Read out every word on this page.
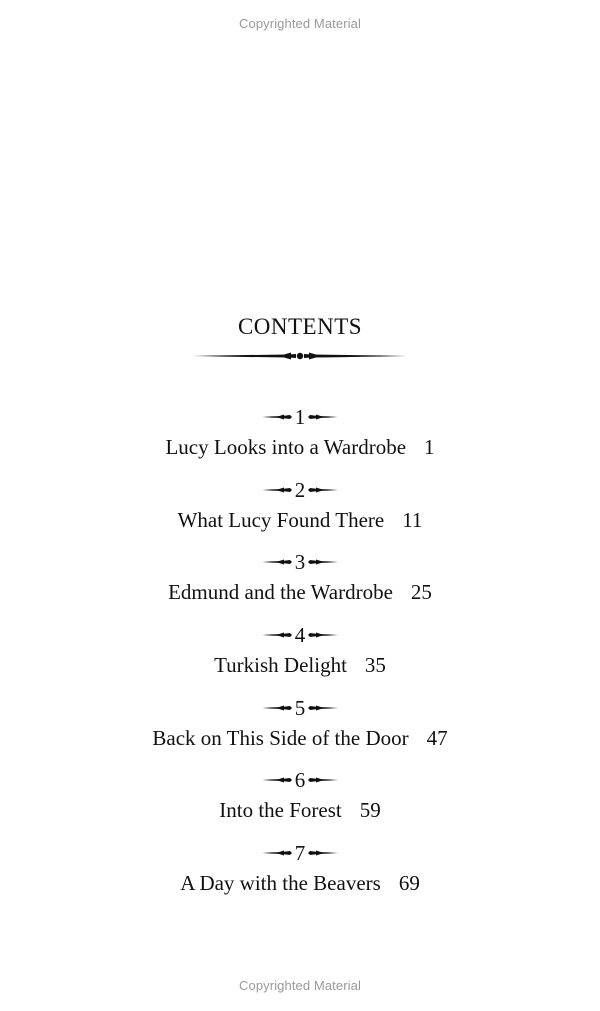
Copyrighted Material
CONTENTS
1
Lucy Looks into a Wardrobe 1
2
What Lucy Found There 11
3
Edmund and the Wardrobe 25
4
Turkish Delight 35
5
Back on This Side of the Door 47
6
Into the Forest 59
7
A Day with the Beavers 69
Copyrighted Material
